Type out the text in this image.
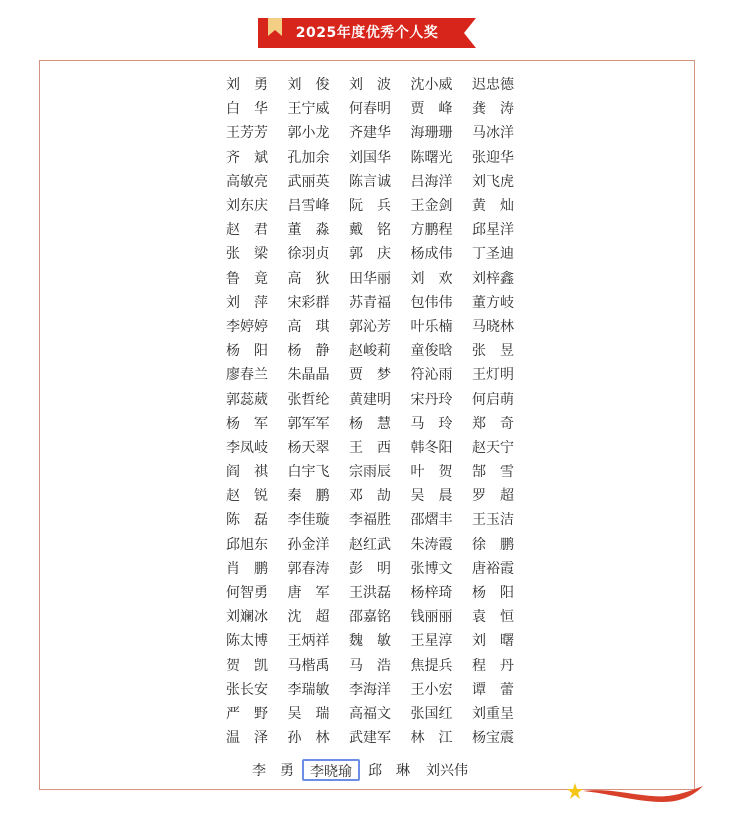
2025年度优秀个人奖
刘　勇	刘　俊	刘　波	沈小威	迟忠德
白　华	王宁威	何春明	贾　峰	龚　涛
王芳芳	郭小龙	齐建华	海珊珊	马冰洋
齐　斌	孔加余	刘国华	陈曙光	张迎华
高敏亮	武丽英	陈言诚	吕海洋	刘飞虎
刘东庆	吕雪峰	阮　兵	王金剑	黄　灿
赵　君	董　淼	戴　铭	方鹏程	邱星洋
张　梁	徐羽贞	郭　庆	杨成伟	丁圣迪
鲁　竟	高　狄	田华丽	刘　欢	刘梓鑫
刘　萍	宋彩群	苏青福	包伟伟	董方岐
李婷婷	高　琪	郭沁芳	叶乐楠	马晓林
杨　阳	杨　静	赵峻莉	童俊晗	张　昱
廖春兰	朱晶晶	贾　梦	符沁雨	王灯明
郭蕊葳	张哲纶	黄建明	宋丹玲	何启萌
杨　军	郭军军	杨　慧	马　玲	郑　奇
李凤岐	杨天翠	王　西	韩冬阳	赵天宁
阎　祺	白宇飞	宗雨辰	叶　贺	郜　雪
赵　锐	秦　鹏	邓　劼	吴　晨	罗　超
陈　磊	李佳璇	李福胜	邵熠丰	王玉洁
邱旭东	孙金洋	赵红武	朱涛霞	徐　鹏
肖　鹏	郭春涛	彭　明	张博文	唐裕霞
何智勇	唐　军	王洪磊	杨梓琦	杨　阳
刘斓冰	沈　超	邵嘉铭	钱丽丽	袁　恒
陈太博	王炳祥	魏　敏	王星淳	刘　曙
贺　凯	马楷禹	马　浩	焦提兵	程　丹
张长安	李瑞敏	李海洋	王小宏	谭　蕾
严　野	吴　瑞	高福文	张国红	刘重呈
温　泽	孙　林	武建军	林　江	杨宝震
李　勇	李晓瑜	邱　琳	刘兴伟
